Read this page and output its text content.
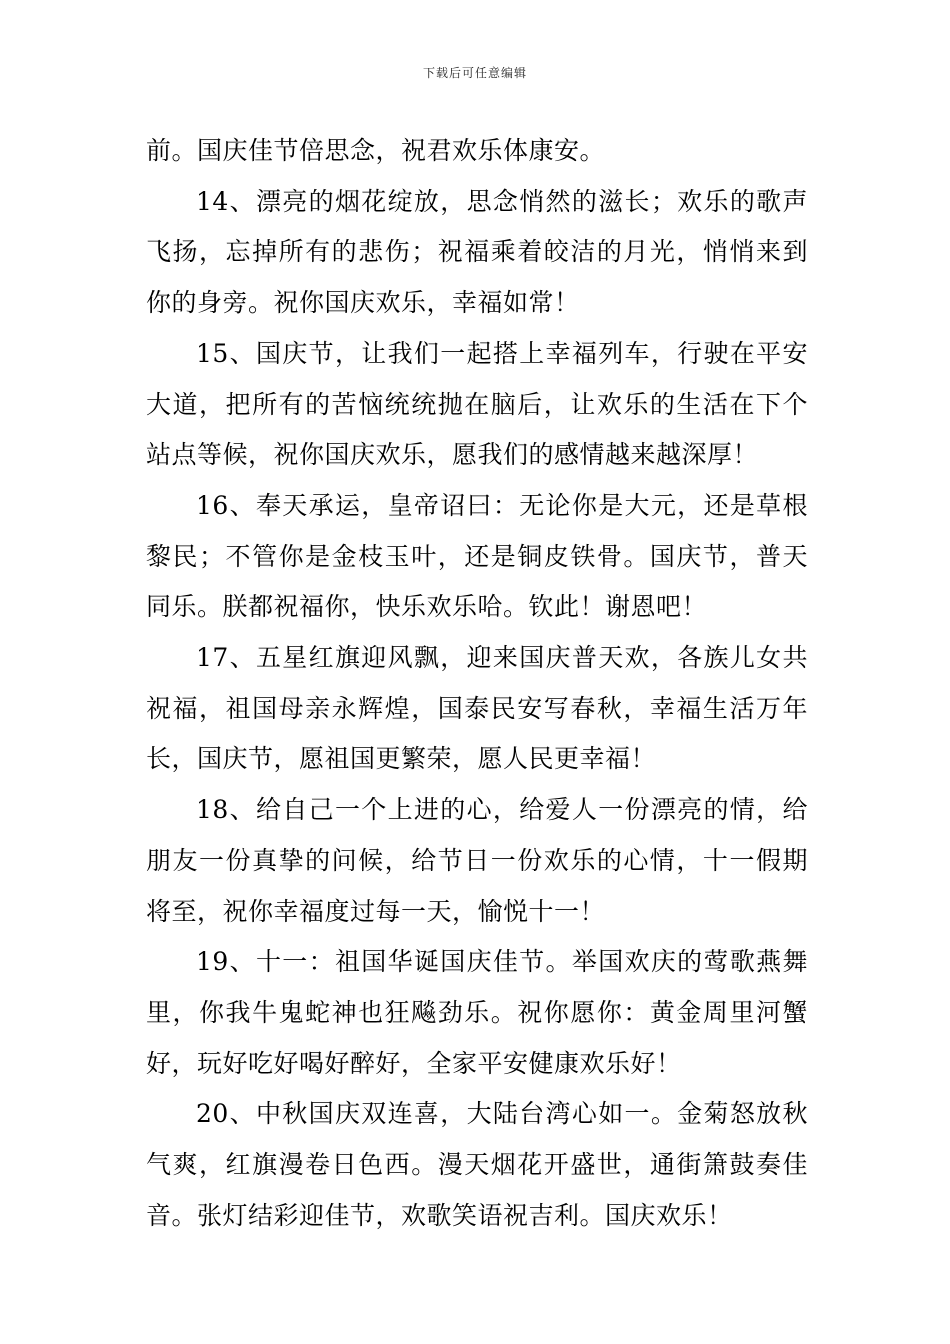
下载后可任意编辑

前。国庆佳节倍思念，祝君欢乐体康安。

14、漂亮的烟花绽放，思念悄然的滋长；欢乐的歌声飞扬，忘掉所有的悲伤；祝福乘着皎洁的月光，悄悄来到你的身旁。祝你国庆欢乐，幸福如常！

15、国庆节，让我们一起搭上幸福列车，行驶在平安大道，把所有的苦恼统统抛在脑后，让欢乐的生活在下个站点等候，祝你国庆欢乐，愿我们的感情越来越深厚！

16、奉天承运，皇帝诏曰：无论你是大元，还是草根黎民；不管你是金枝玉叶，还是铜皮铁骨。国庆节，普天同乐。朕都祝福你，快乐欢乐哈。钦此！谢恩吧！

17、五星红旗迎风飘，迎来国庆普天欢，各族儿女共祝福，祖国母亲永辉煌，国泰民安写春秋，幸福生活万年长，国庆节，愿祖国更繁荣，愿人民更幸福！

18、给自己一个上进的心，给爱人一份漂亮的情，给朋友一份真挚的问候，给节日一份欢乐的心情，十一假期将至，祝你幸福度过每一天，愉悦十一！

19、十一：祖国华诞国庆佳节。举国欢庆的莺歌燕舞里，你我牛鬼蛇神也狂飚劲乐。祝你愿你：黄金周里河蟹好，玩好吃好喝好醉好，全家平安健康欢乐好！

20、中秋国庆双连喜，大陆台湾心如一。金菊怒放秋气爽，红旗漫卷日色西。漫天烟花开盛世，通街箫鼓奏佳音。张灯结彩迎佳节，欢歌笑语祝吉利。国庆欢乐！
